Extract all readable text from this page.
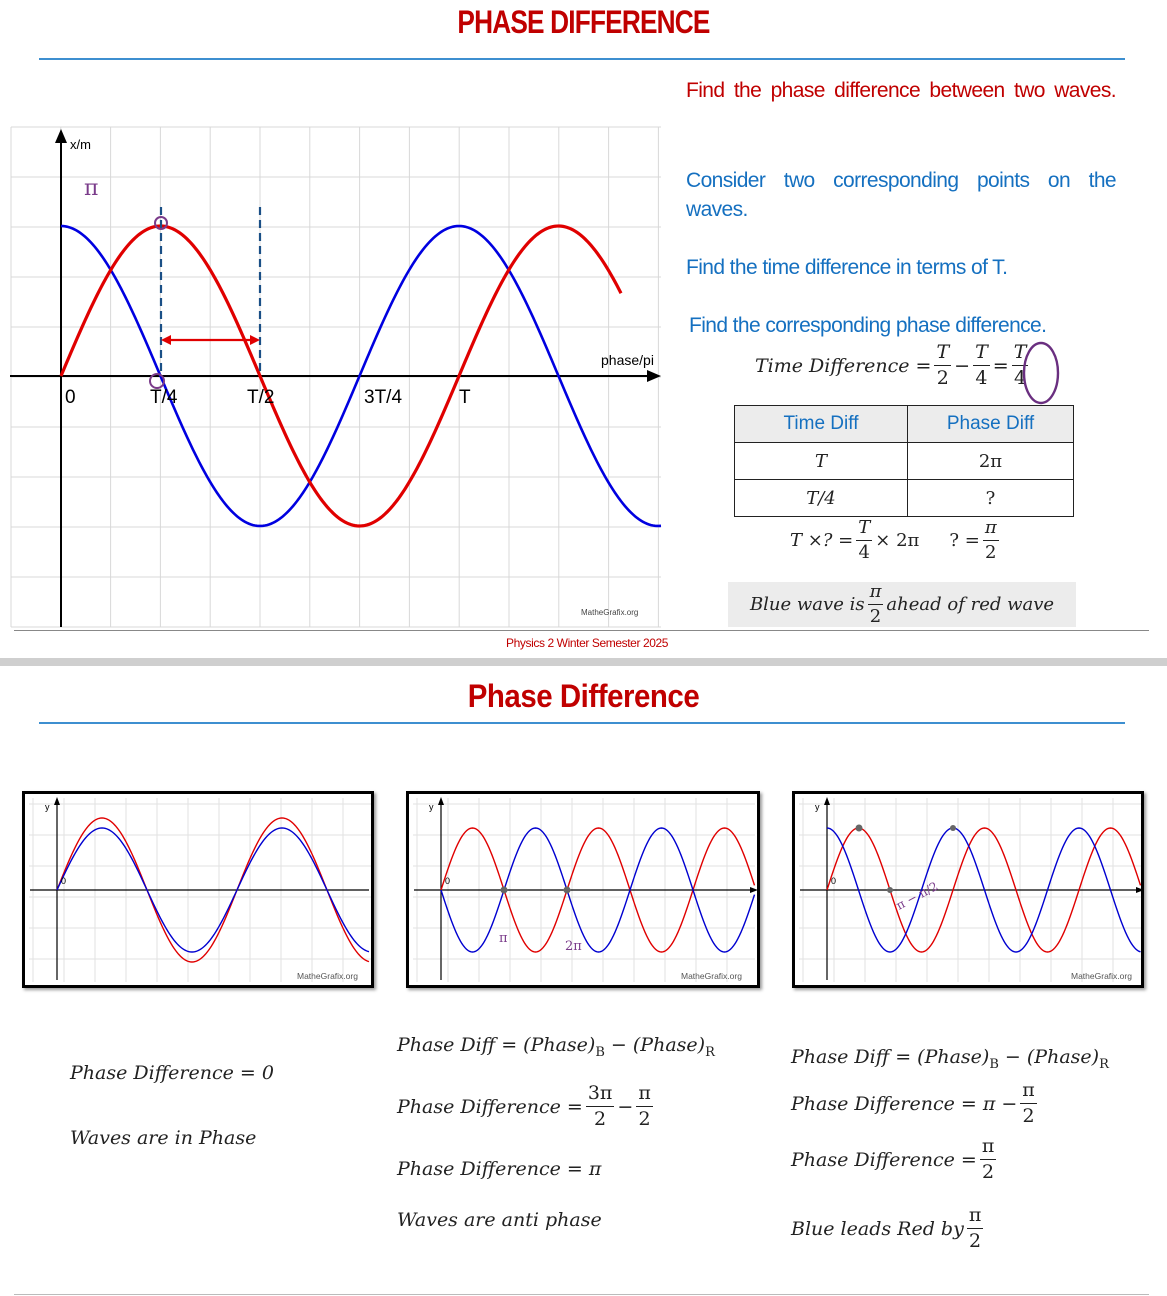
PHASE DIFFERENCE
x/m
phase/pi
0	T/4	T/2	3T/4	T
π
MatheGrafix.org
Find the phase difference between two waves.
Consider two corresponding points on the waves.
Find the time difference in terms of T.
Find the corresponding phase difference.
Time Difference = $\frac{T}{2} - \frac{T}{4} = \frac{T}{4}$
Time Diff	Phase Diff
T	2π
T/4	?
T ×? = $\frac{T}{4} \times 2\pi$ ? = $\frac{\pi}{2}$
Blue wave is $\frac{\pi}{2}$ ahead of red wave
Physics 2 Winter Semester 2025
Phase Difference
y
0
MatheGrafix.org
π
2π
y
0
MatheGrafix.org
π − π/2
y
0
MatheGrafix.org
Phase Difference = 0
Waves are in Phase
Phase Diff = $(Phase)_B$ − $(Phase)_R$
Phase Difference = $\frac{3\pi}{2} - \frac{\pi}{2}$
Phase Difference = π
Waves are anti phase
Phase Diff = $(Phase)_B$ − $(Phase)_R$
Phase Difference = $\pi - \frac{\pi}{2}$
Phase Difference = $\frac{\pi}{2}$
Blue leads Red by $\frac{\pi}{2}$
